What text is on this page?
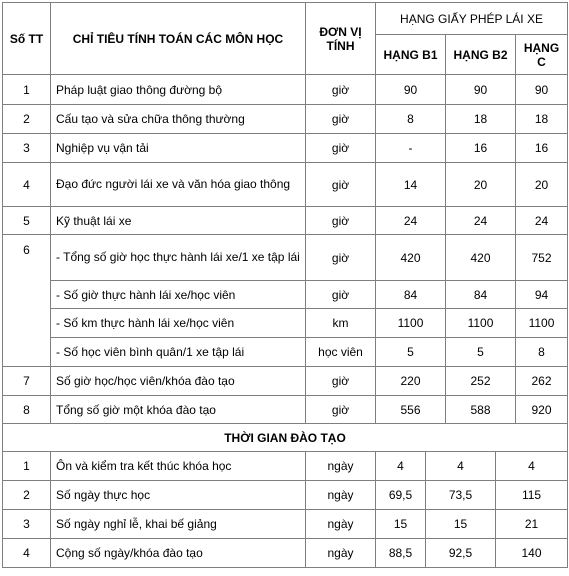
Số TT	CHỈ TIÊU TÍNH TOÁN CÁC MÔN HỌC	ĐƠN VỊ TÍNH	HẠNG GIẤY PHÉP LÁI XE		
			HẠNG B1	HẠNG B2	HẠNG C
1	Pháp luật giao thông đường bộ	giờ	90	90	90
2	Cấu tạo và sửa chữa thông thường	giờ	8	18	18
3	Nghiệp vụ vận tải	giờ	-	16	16
4	Đạo đức người lái xe và văn hóa giao thông	giờ	14	20	20
5	Kỹ thuật lái xe	giờ	24	24	24
6	- Tổng số giờ học thực hành lái xe/1 xe tập lái	giờ	420	420	752
	- Số giờ thực hành lái xe/học viên	giờ	84	84	94
	- Số km thực hành lái xe/học viên	km	1100	1100	1100
	- Số học viên bình quân/1 xe tập lái	học viên	5	5	8
7	Số giờ học/học viên/khóa đào tạo	giờ	220	252	262
8	Tổng số giờ một khóa đào tạo	giờ	556	588	920
THỜI GIAN ĐÀO TẠO					
1	Ôn và kiểm tra kết thúc khóa học	ngày	4	4	4
2	Số ngày thực học	ngày	69,5	73,5	115
3	Số ngày nghỉ lễ, khai bế giảng	ngày	15	15	21
4	Cộng số ngày/khóa đào tạo	ngày	88,5	92,5	140
